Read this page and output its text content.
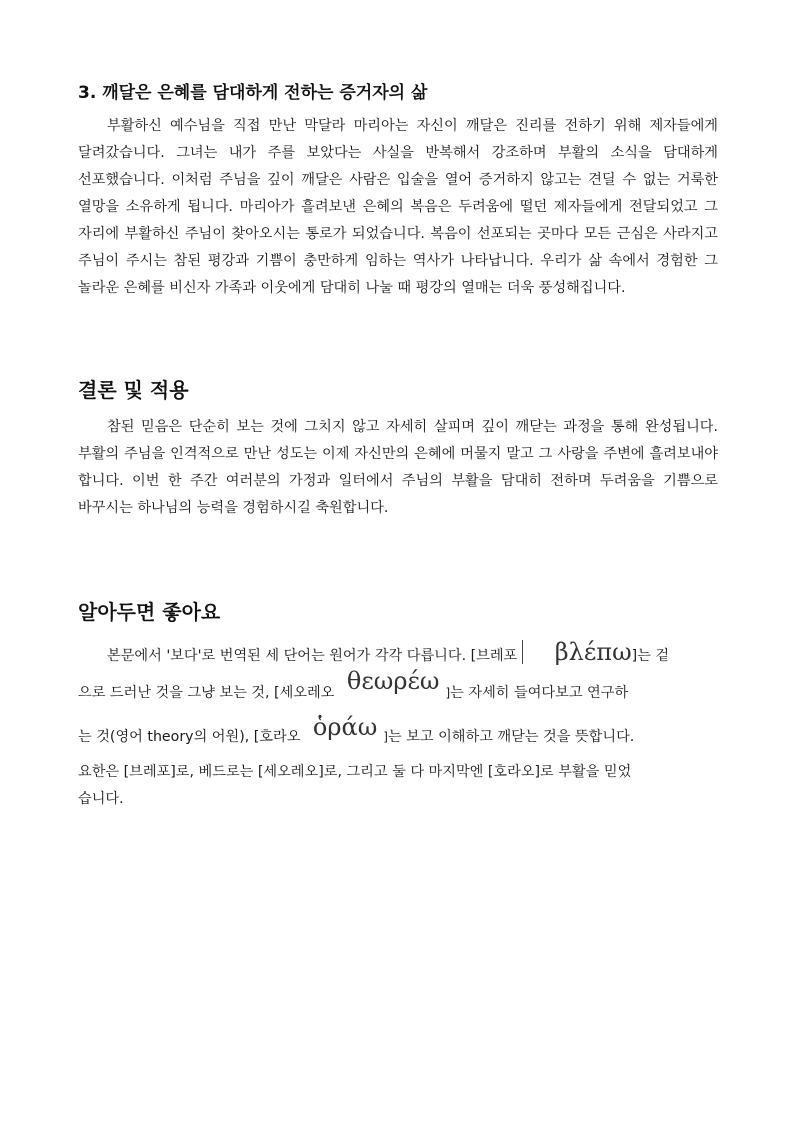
3. 깨달은 은혜를 담대하게 전하는 증거자의 삶

부활하신 예수님을 직접 만난 막달라 마리아는 자신이 깨달은 진리를 전하기 위해 제자들에게 달려갔습니다. 그녀는 내가 주를 보았다는 사실을 반복해서 강조하며 부활의 소식을 담대하게 선포했습니다. 이처럼 주님을 깊이 깨달은 사람은 입술을 열어 증거하지 않고는 견딜 수 없는 거룩한 열망을 소유하게 됩니다. 마리아가 흘려보낸 은혜의 복음은 두려움에 떨던 제자들에게 전달되었고 그 자리에 부활하신 주님이 찾아오시는 통로가 되었습니다. 복음이 선포되는 곳마다 모든 근심은 사라지고 주님이 주시는 참된 평강과 기쁨이 충만하게 임하는 역사가 나타납니다. 우리가 삶 속에서 경험한 그 놀라운 은혜를 비신자 가족과 이웃에게 담대히 나눌 때 평강의 열매는 더욱 풍성해집니다.

결론 및 적용

참된 믿음은 단순히 보는 것에 그치지 않고 자세히 살피며 깊이 깨닫는 과정을 통해 완성됩니다. 부활의 주님을 인격적으로 만난 성도는 이제 자신만의 은혜에 머물지 말고 그 사랑을 주변에 흘려보내야 합니다. 이번 한 주간 여러분의 가정과 일터에서 주님의 부활을 담대히 전하며 두려움을 기쁨으로 바꾸시는 하나님의 능력을 경험하시길 축원합니다.

알아두면 좋아요
본문에서 '보다'로 번역된 세 단어는 원어가 각각 다릅니다. [브레포 βλέπω]는 겉
으로 드러난 것을 그냥 보는 것, [세오레오 θεωρέω ]는 자세히 들여다보고 연구하
는 것(영어 theory의 어원), [호라오 ὁράω ]는 보고 이해하고 깨닫는 것을 뜻합니다.
요한은 [브레포]로, 베드로는 [세오레오]로, 그리고 둘 다 마지막엔 [호라오]로 부활을 믿었
습니다.
